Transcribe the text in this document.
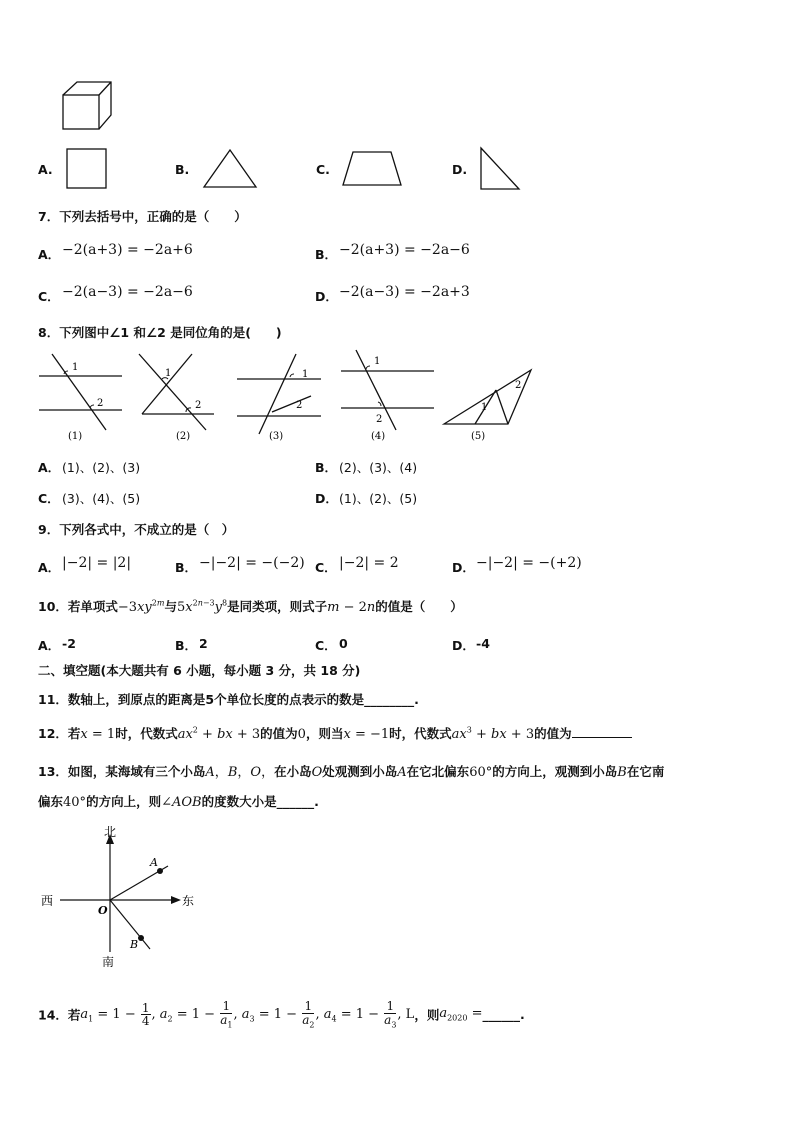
A.	B.	C.	D.
7．下列去括号中，正确的是（　　）
A． −2(a+3) = −2a+6	B． −2(a+3) = −2a−6
C． −2(a−3) = −2a−6	D． −2(a−3) = −2a+3
8．下列图中∠1 和∠2 是同位角的是(　　)
1
2
(1)
1
2
(2)
1
2
(3)
1
2
(4)
1
2
(5)
A． (1)、(2)、(3)	B． (2)、(3)、(4)
C． (3)、(4)、(5)	D． (1)、(2)、(5)
9．下列各式中，不成立的是（　）
A． |−2| = |2|	B． −|−2| = −(−2) C． |−2| = 2	D． −|−2| = −(+2)
10．若单项式$-3xy^{2m}$与$5x^{2n-3}y^8$是同类项，则式子m − 2n的值是（　　）
A． -2	B． 2	C． 0	D． -4
二、填空题(本大题共有 6 小题，每小题 3 分，共 18 分)
11．数轴上，到原点的距离是5个单位长度的点表示的数是________.
12．若x = 1时，代数式$ax^2$ + bx + 3的值为0，则当x = −1时，代数式$ax^3$ + bx + 3的值为
13．如图，某海域有三个小岛A，B，O，在小岛O处观测到小岛A在它北偏东60°的方向上，观测到小岛B在它南
偏东40°的方向上，则∠AOB的度数大小是______.
北
南
东
西
O
A
B
14．若$a_1 = 1 - \frac{1}{4}$ , $a_2 = 1 - \frac{1}{a_1}$ , $a_3 = 1 - \frac{1}{a_2}$ , $a_4 = 1 - \frac{1}{a_3}$ , L，则$a_{2020}$ =______.
